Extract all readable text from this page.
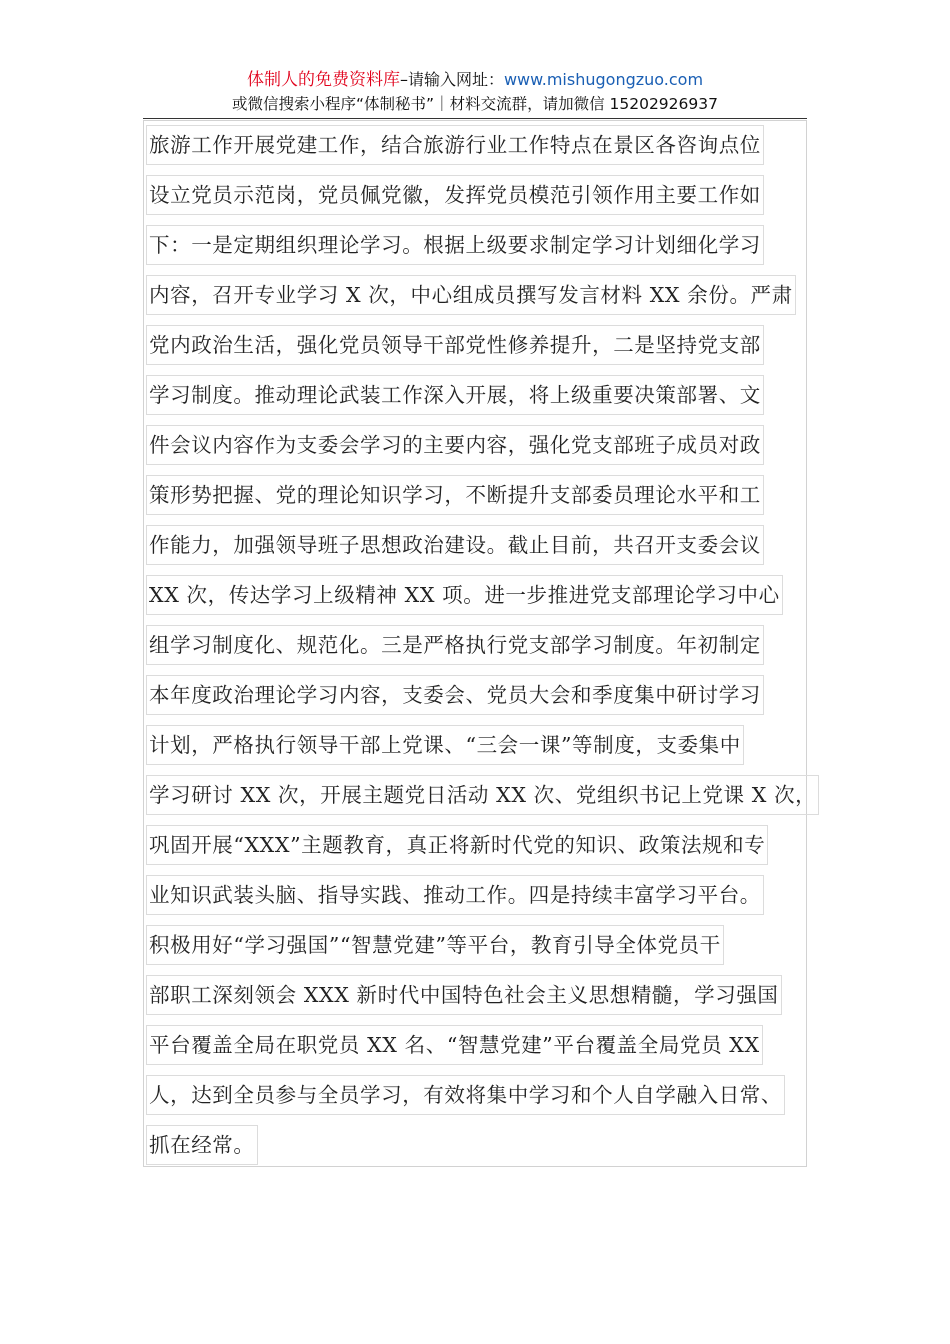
体制人的免费资料库–请输入网址：www.mishugongzuo.com
或微信搜索小程序“体制秘书”｜材料交流群，请加微信 15202926937
旅游工作开展党建工作，结合旅游行业工作特点在景区各咨询点位
设立党员示范岗，党员佩党徽，发挥党员模范引领作用主要工作如
下：一是定期组织理论学习。根据上级要求制定学习计划细化学习
内容，召开专业学习 X 次，中心组成员撰写发言材料 XX 余份。严肃
党内政治生活，强化党员领导干部党性修养提升，二是坚持党支部
学习制度。推动理论武装工作深入开展，将上级重要决策部署、文
件会议内容作为支委会学习的主要内容，强化党支部班子成员对政
策形势把握、党的理论知识学习，不断提升支部委员理论水平和工
作能力，加强领导班子思想政治建设。截止目前，共召开支委会议
XX 次，传达学习上级精神 XX 项。进一步推进党支部理论学习中心
组学习制度化、规范化。三是严格执行党支部学习制度。年初制定
本年度政治理论学习内容，支委会、党员大会和季度集中研讨学习
计划，严格执行领导干部上党课、“三会一课”等制度，支委集中
学习研讨 XX 次，开展主题党日活动 XX 次、党组织书记上党课 X 次，
巩固开展“XXX”主题教育，真正将新时代党的知识、政策法规和专
业知识武装头脑、指导实践、推动工作。四是持续丰富学习平台。
积极用好“学习强国”“智慧党建”等平台，教育引导全体党员干
部职工深刻领会 XXX 新时代中国特色社会主义思想精髓，学习强国
平台覆盖全局在职党员 XX 名、“智慧党建”平台覆盖全局党员 XX
人，达到全员参与全员学习，有效将集中学习和个人自学融入日常、
抓在经常。
